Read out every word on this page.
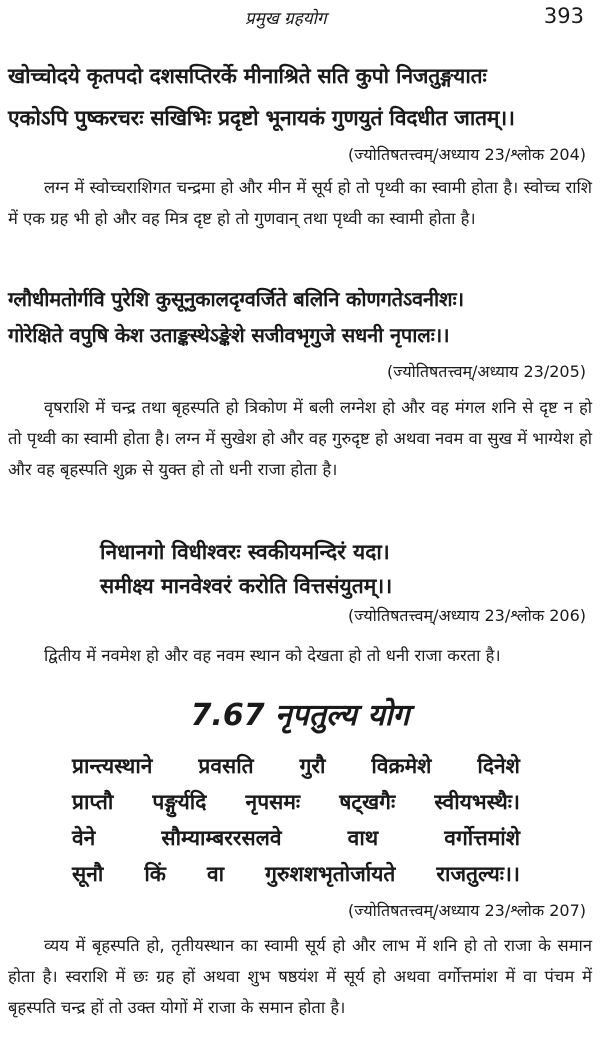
प्रमुख ग्रहयोग	393
खोच्चोदये कृतपदो दशसप्तिरर्के मीनाश्रिते सति कुपो निजतुङ्गयातः
एकोऽपि पुष्करचरः सखिभिः प्रदृष्टो भूनायकं गुणयुतं विदधीत जातम्।।
(ज्योतिषतत्त्वम्/अध्याय 23/श्लोक 204)
लग्न में स्वोच्चराशिगत चन्द्रमा हो और मीन में सूर्य हो तो पृथ्वी का स्वामी होता है। स्वोच्च राशि में एक ग्रह भी हो और वह मित्र दृष्ट हो तो गुणवान् तथा पृथ्वी का स्वामी होता है।
ग्लौधीमतोर्गवि पुरेशि कुसूनुकालदृग्वर्जिते बलिनि कोणगतेऽवनीशः।
गोरेक्षिते वपुषि केश उताङ्कस्थेऽङ्केशे सजीवभृगुजे सधनी नृपालः।।
(ज्योतिषतत्त्वम्/अध्याय 23/205)
वृषराशि में चन्द्र तथा बृहस्पति हो त्रिकोण में बली लग्नेश हो और वह मंगल शनि से दृष्ट न हो तो पृथ्वी का स्वामी होता है। लग्न में सुखेश हो और वह गुरुदृष्ट हो अथवा नवम वा सुख में भाग्येश हो और वह बृहस्पति शुक्र से युक्त हो तो धनी राजा होता है।
निधानगो विधीश्वरः स्वकीयमन्दिरं यदा।
समीक्ष्य मानवेश्वरं करोति वित्तसंयुतम्।।
(ज्योतिषतत्त्वम्/अध्याय 23/श्लोक 206)
द्वितीय में नवमेश हो और वह नवम स्थान को देखता हो तो धनी राजा करता है।
7.67 नृपतुल्य योग
प्रान्त्यस्थाने प्रवसति गुरौ विक्रमेशे दिनेशे
प्राप्तौ पङ्गुर्यदि नृपसमः षट्खगैः स्वीयभस्थैः।
वेने	सौम्याम्बररसलवे	वाथ	वर्गोत्तमांशे
सूनौ किं वा गुरुशशभृतोर्जायते राजतुल्यः।।
(ज्योतिषतत्त्वम्/अध्याय 23/श्लोक 207)
व्यय में बृहस्पति हो, तृतीयस्थान का स्वामी सूर्य हो और लाभ में शनि हो तो राजा के समान होता है। स्वराशि में छः ग्रह हों अथवा शुभ षष्ठयंश में सूर्य हो अथवा वर्गोत्तमांश में वा पंचम में बृहस्पति चन्द्र हों तो उक्त योगों में राजा के समान होता है।
